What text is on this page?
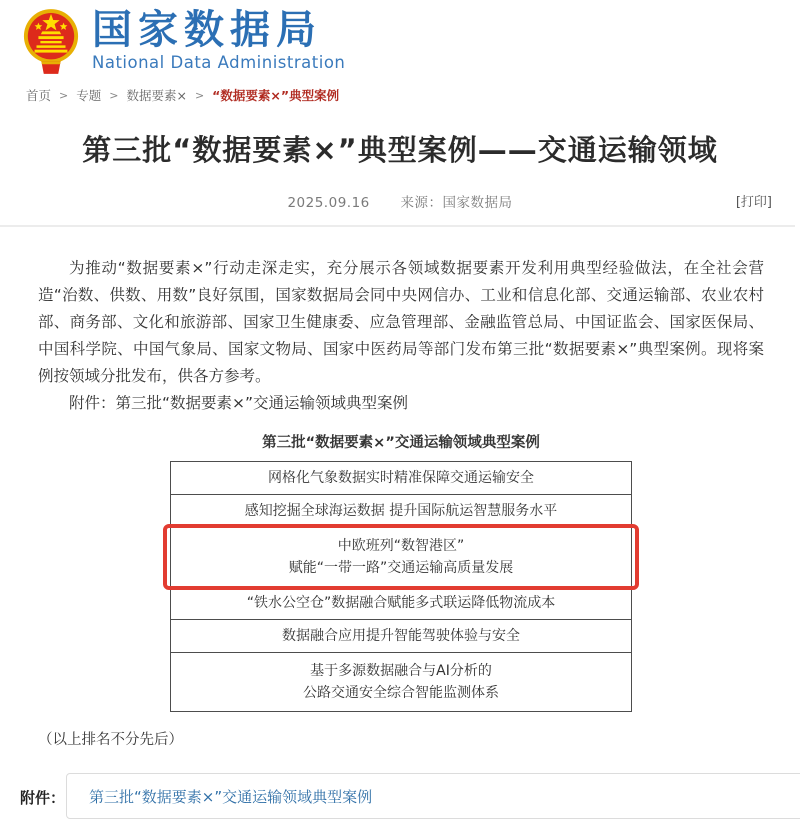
国家数据局
National Data Administration
首页 > 专题 > 数据要素× > “数据要素×”典型案例
第三批“数据要素×”典型案例——交通运输领域
2025.09.16 来源：国家数据局	[打印]

为推动“数据要素×”行动走深走实，充分展示各领域数据要素开发利用典型经验做法，在全社会营造“治数、供数、用数”良好氛围，国家数据局会同中央网信办、工业和信息化部、交通运输部、农业农村部、商务部、文化和旅游部、国家卫生健康委、应急管理部、金融监管总局、中国证监会、国家医保局、中国科学院、中国气象局、国家文物局、国家中医药局等部门发布第三批“数据要素×”典型案例。现将案例按领域分批发布，供各方参考。

附件：第三批“数据要素×”交通运输领域典型案例

第三批“数据要素×”交通运输领域典型案例
网格化气象数据实时精准保障交通运输安全
感知挖掘全球海运数据 提升国际航运智慧服务水平
中欧班列“数智港区”
赋能“一带一路”交通运输高质量发展
“铁水公空仓”数据融合赋能多式联运降低物流成本
数据融合应用提升智能驾驶体验与安全
基于多源数据融合与AI分析的
公路交通安全综合智能监测体系
（以上排名不分先后）
附件： 第三批“数据要素×”交通运输领域典型案例
